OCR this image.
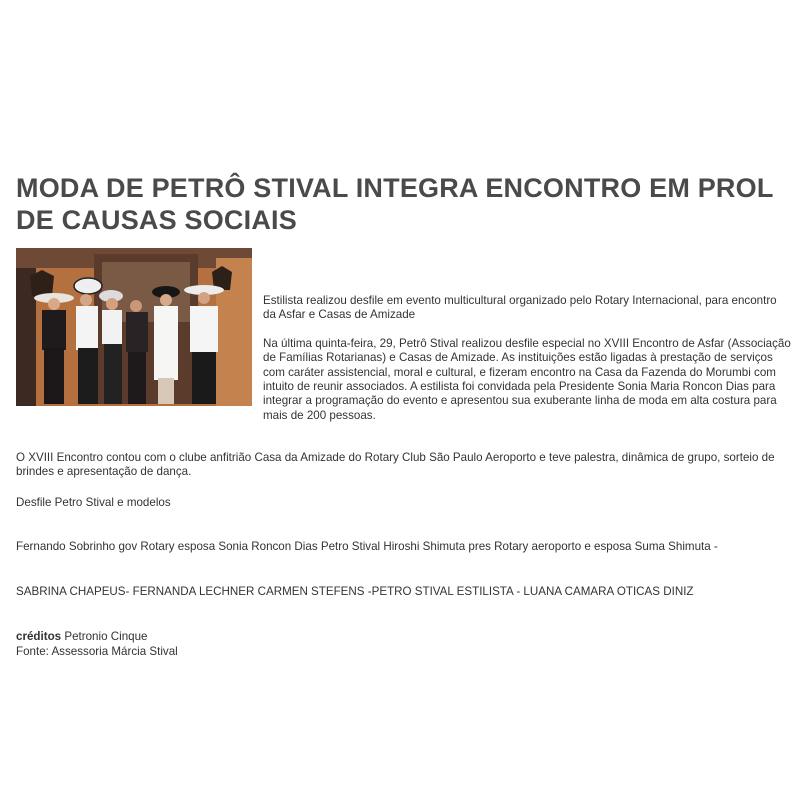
MODA DE PETRÔ STIVAL INTEGRA ENCONTRO EM PROL DE CAUSAS SOCIAIS

Estilista realizou desfile em evento multicultural organizado pelo Rotary Internacional, para encontro da Asfar e Casas de Amizade

Na última quinta-feira, 29, Petrô Stival realizou desfile especial no XVIII Encontro de Asfar (Associação de Famílias Rotarianas) e Casas de Amizade. As instituições estão ligadas à prestação de serviços com caráter assistencial, moral e cultural, e fizeram encontro na Casa da Fazenda do Morumbi com intuito de reunir associados. A estilista foi convidada pela Presidente Sonia Maria Roncon Dias para integrar a programação do evento e apresentou sua exuberante linha de moda em alta costura para mais de 200 pessoas.

O XVIII Encontro contou com o clube anfitrião Casa da Amizade do Rotary Club São Paulo Aeroporto e teve palestra, dinâmica de grupo, sorteio de brindes e apresentação de dança.

Desfile Petro Stival e modelos

Fernando Sobrinho gov Rotary esposa Sonia Roncon Dias Petro Stival Hiroshi Shimuta pres Rotary aeroporto e esposa Suma Shimuta -

SABRINA CHAPEUS- FERNANDA LECHNER CARMEN STEFENS -PETRO STIVAL ESTILISTA - LUANA CAMARA OTICAS DINIZ

créditos Petronio Cinque
Fonte: Assessoria Márcia Stival
